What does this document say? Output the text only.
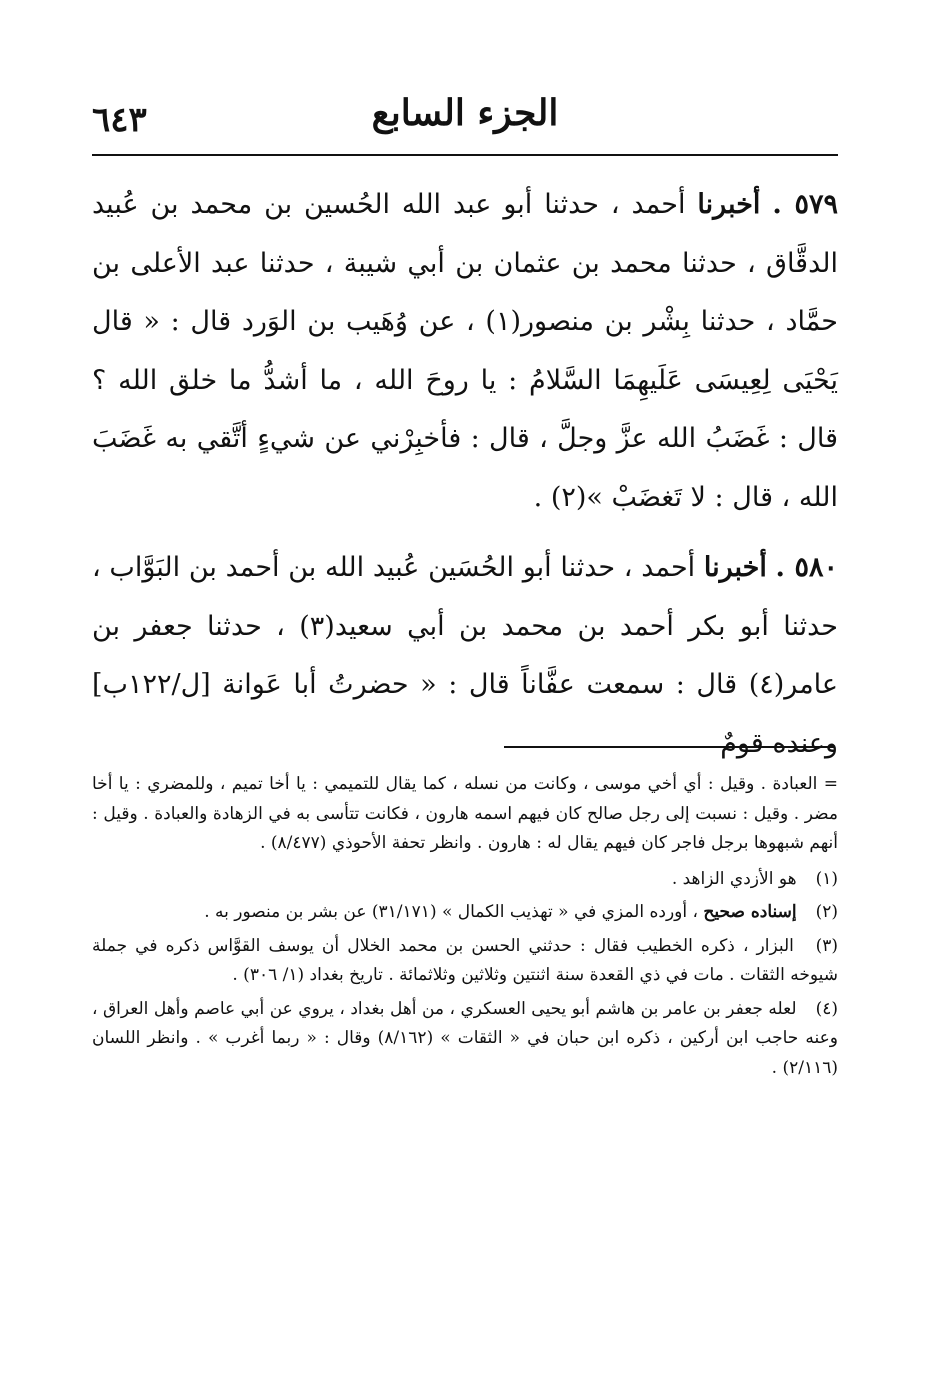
٦٤٣	الجزء السابع

٥٧٩ . أخبرنا أحمد ، حدثنا أبو عبد الله الحُسين بن محمد بن عُبيد الدقَّاق ، حدثنا محمد بن عثمان بن أبي شيبة ، حدثنا عبد الأعلى بن حمَّاد ، حدثنا بِشْر بن منصور(١) ، عن وُهَيب بن الوَرد قال : « قال يَحْيَى لِعِيسَى عَلَيهِمَا السَّلامُ : يا روحَ الله ، ما أشدُّ ما خلق الله ؟ قال : غَضَبُ الله عزَّ وجلَّ ، قال : فأخبِرْني عن شيءٍ أتَّقي به غَضَبَ الله ، قال : لا تَغضَبْ »(٢) .

٥٨٠ . أخبرنا أحمد ، حدثنا أبو الحُسَين عُبيد الله بن أحمد بن البَوَّاب ، حدثنا أبو بكر أحمد بن محمد بن أبي سعيد(٣) ، حدثنا جعفر بن عامر(٤) قال : سمعت عفَّاناً قال : « حضرتُ أبا عَوانة [ل/١٢٢ب] وعنده قومٌ

= العبادة . وقيل : أي أخي موسى ، وكانت من نسله ، كما يقال للتميمي : يا أخا تميم ، وللمضري : يا أخا مضر . وقيل : نسبت إلى رجل صالح كان فيهم اسمه هارون ، فكانت تتأسى به في الزهادة والعبادة . وقيل : أنهم شبهوها برجل فاجر كان فيهم يقال له : هارون . وانظر تحفة الأحوذي (٨/٤٧٧) .

(١) هو الأزدي الزاهد .

(٢) إسناده صحيح ، أورده المزي في « تهذيب الكمال » (٣١/١٧١) عن بشر بن منصور به .

(٣) البزار ، ذكره الخطيب فقال : حدثني الحسن بن محمد الخلال أن يوسف القوَّاس ذكره في جملة شيوخه الثقات . مات في ذي القعدة سنة اثنتين وثلاثين وثلاثمائة . تاريخ بغداد (١/ ٣٠٦) .

(٤) لعله جعفر بن عامر بن هاشم أبو يحيى العسكري ، من أهل بغداد ، يروي عن أبي عاصم وأهل العراق ، وعنه حاجب ابن أركين ، ذكره ابن حبان في « الثقات » (٨/١٦٢) وقال : « ربما أغرب » . وانظر اللسان (٢/١١٦) .
